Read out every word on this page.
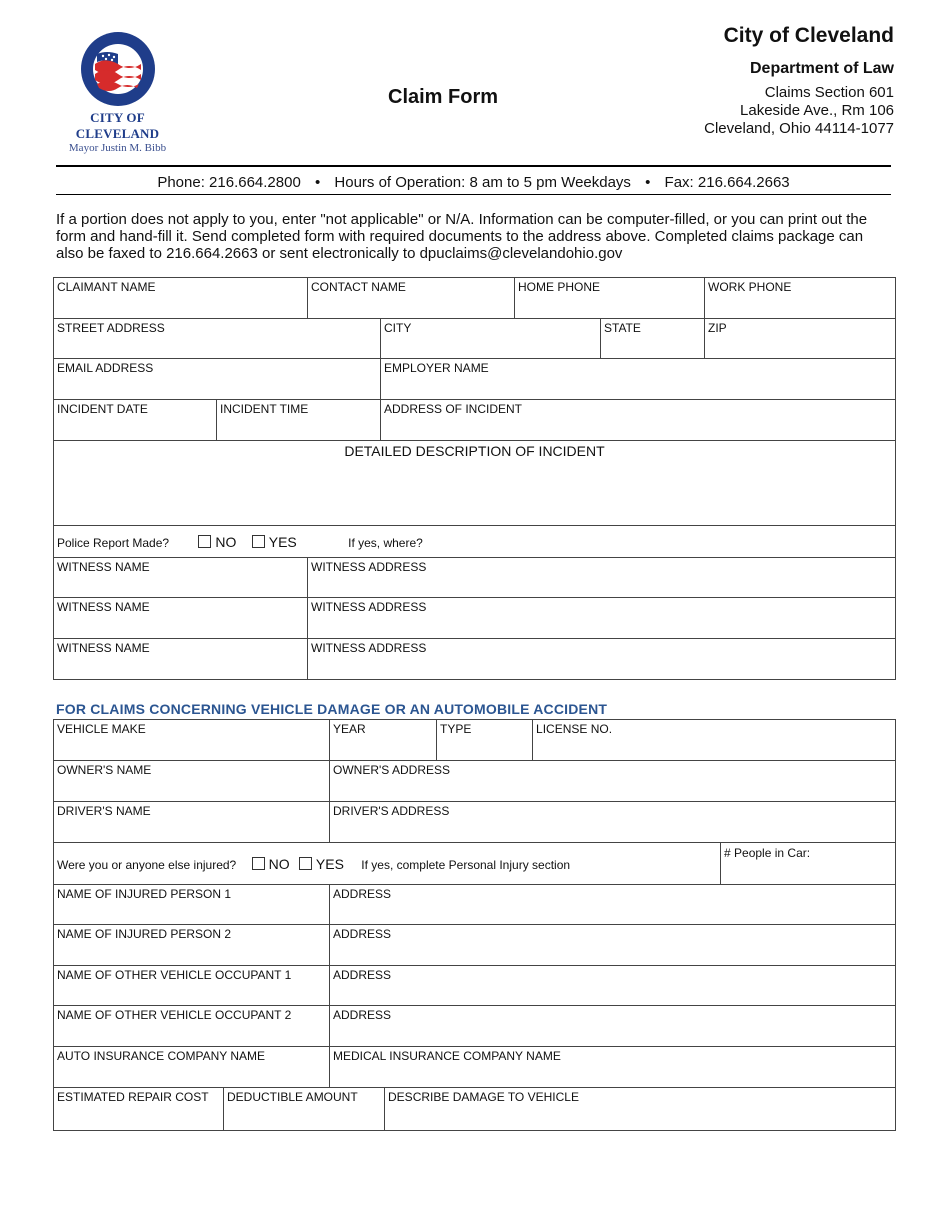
CITY OF CLEVELAND
Mayor Justin M. Bibb
Claim Form
City of Cleveland
Department of Law
Claims Section 601
Lakeside Ave., Rm 106
Cleveland, Ohio 44114-1077
Phone: 216.664.2800 • Hours of Operation: 8 am to 5 pm Weekdays • Fax: 216.664.2663
If a portion does not apply to you, enter "not applicable" or N/A. Information can be computer-filled, or you can print out the form and hand-fill it. Send completed form with required documents to the address above. Completed claims package can also be faxed to 216.664.2663 or sent electronically to dpuclaims@clevelandohio.gov
CLAIMANT NAME		CONTACT NAME		HOME PHONE		WORK PHONE
STREET ADDRESS			CITY		STATE	ZIP
EMAIL ADDRESS			EMPLOYER NAME			
INCIDENT DATE	INCIDENT TIME		ADDRESS OF INCIDENT			
DETAILED DESCRIPTION OF INCIDENT						
Police Report Made? NO YES If yes, where?						
WITNESS NAME		WITNESS ADDRESS				
WITNESS NAME		WITNESS ADDRESS				
WITNESS NAME		WITNESS ADDRESS				
FOR CLAIMS CONCERNING VEHICLE DAMAGE OR AN AUTOMOBILE ACCIDENT
VEHICLE MAKE		YEAR		TYPE	LICENSE NO.	
OWNER'S NAME		OWNER'S ADDRESS				
DRIVER'S NAME		DRIVER'S ADDRESS				
Were you or anyone else injured? NO YES If yes, complete Personal Injury section						# People in Car:
NAME OF INJURED PERSON 1		ADDRESS				
NAME OF INJURED PERSON 2		ADDRESS				
NAME OF OTHER VEHICLE OCCUPANT 1		ADDRESS				
NAME OF OTHER VEHICLE OCCUPANT 2		ADDRESS				
AUTO INSURANCE COMPANY NAME		MEDICAL INSURANCE COMPANY NAME				
ESTIMATED REPAIR COST	DEDUCTIBLE AMOUNT		DESCRIBE DAMAGE TO VEHICLE			
